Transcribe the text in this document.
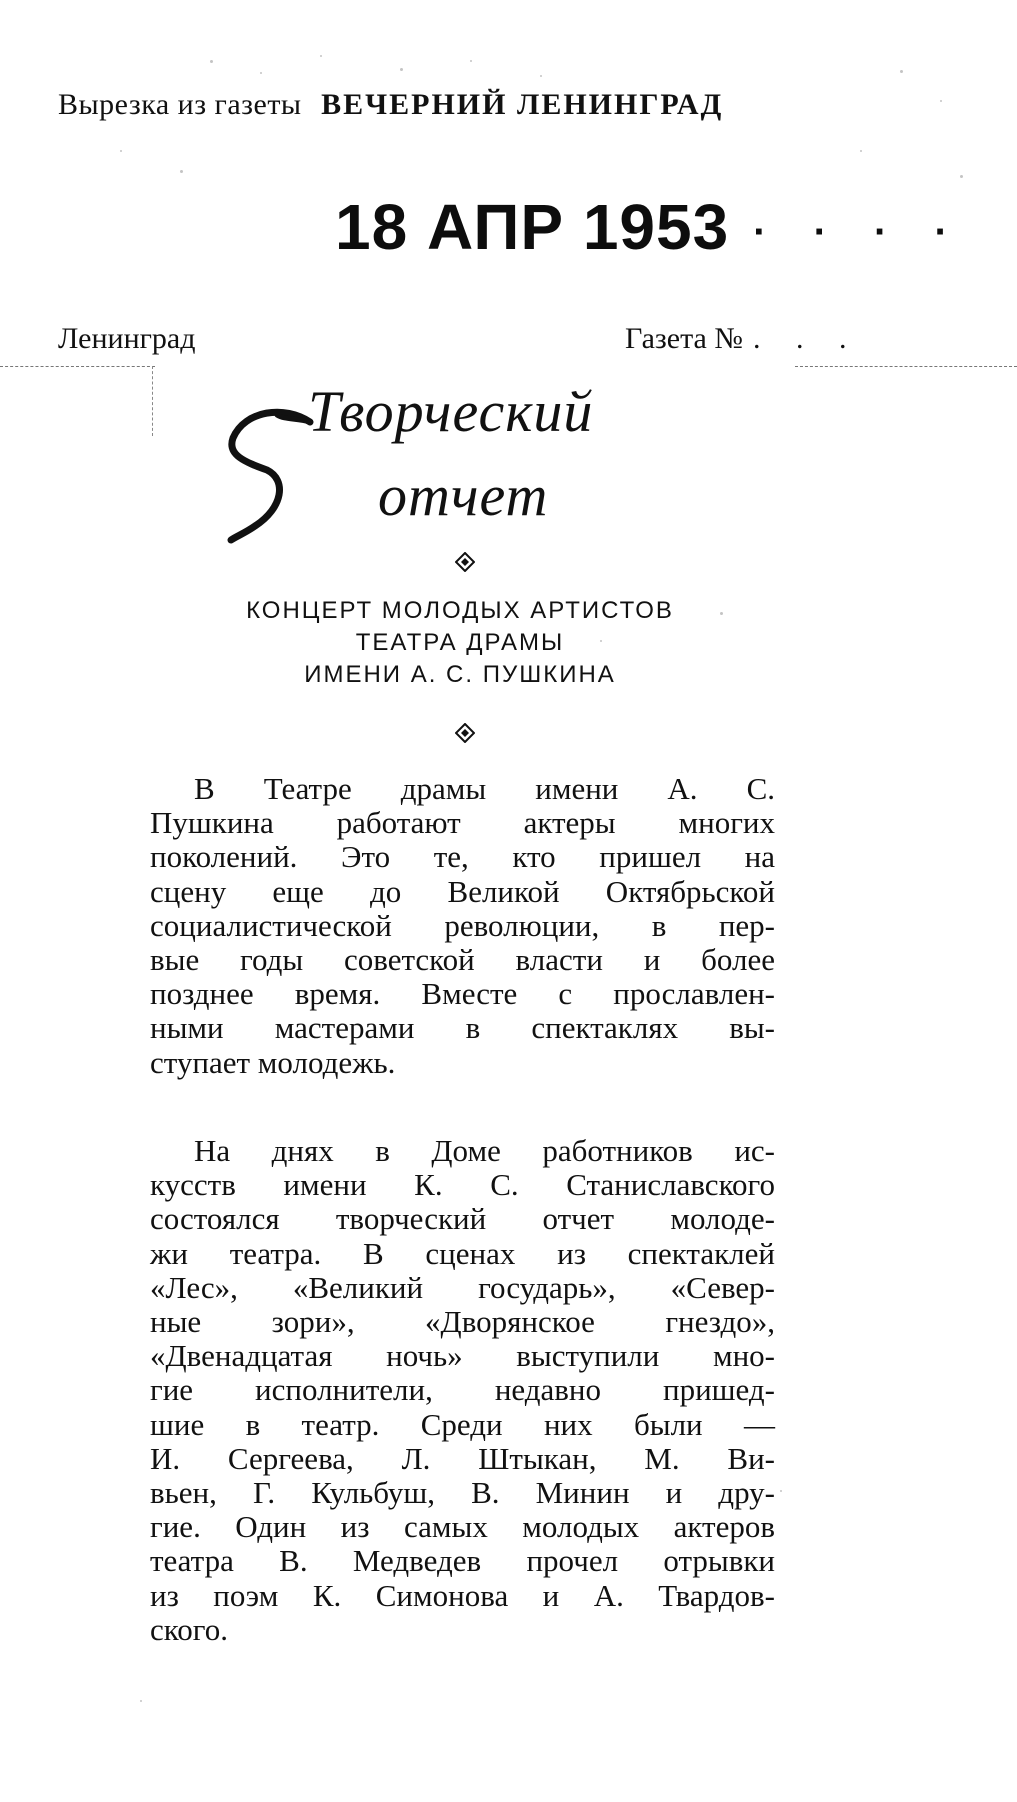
Вырезка из газеты ВЕЧЕРНИЙ ЛЕНИНГРАД
18 АПР 1953 · · · ·
Ленинград	Газета № . . .
Творческий
отчет
КОНЦЕРТ МОЛОДЫХ АРТИСТОВ
ТЕАТРА ДРАМЫ
ИМЕНИ А. С. ПУШКИНА
В Театре драмы имени А. С.
Пушкина работают актеры многих
поколений. Это те, кто пришел на
сцену еще до Великой Октябрьской
социалистической революции, в пер-
вые годы советской власти и более
позднее время. Вместе с прославлен-
ными мастерами в спектаклях вы-
ступает молодежь.
На днях в Доме работников ис-
кусств имени К. С. Станиславского
состоялся творческий отчет молоде-
жи театра. В сценах из спектаклей
«Лес», «Великий государь», «Север-
ные зори», «Дворянское гнездо»,
«Двенадцатая ночь» выступили мно-
гие исполнители, недавно пришед-
шие в театр. Среди них были —
И. Сергеева, Л. Штыкан, М. Ви-
вьен, Г. Кульбуш, В. Минин и дру-
гие. Один из самых молодых актеров
театра В. Медведев прочел отрывки
из поэм К. Симонова и А. Твардов-
ского.
